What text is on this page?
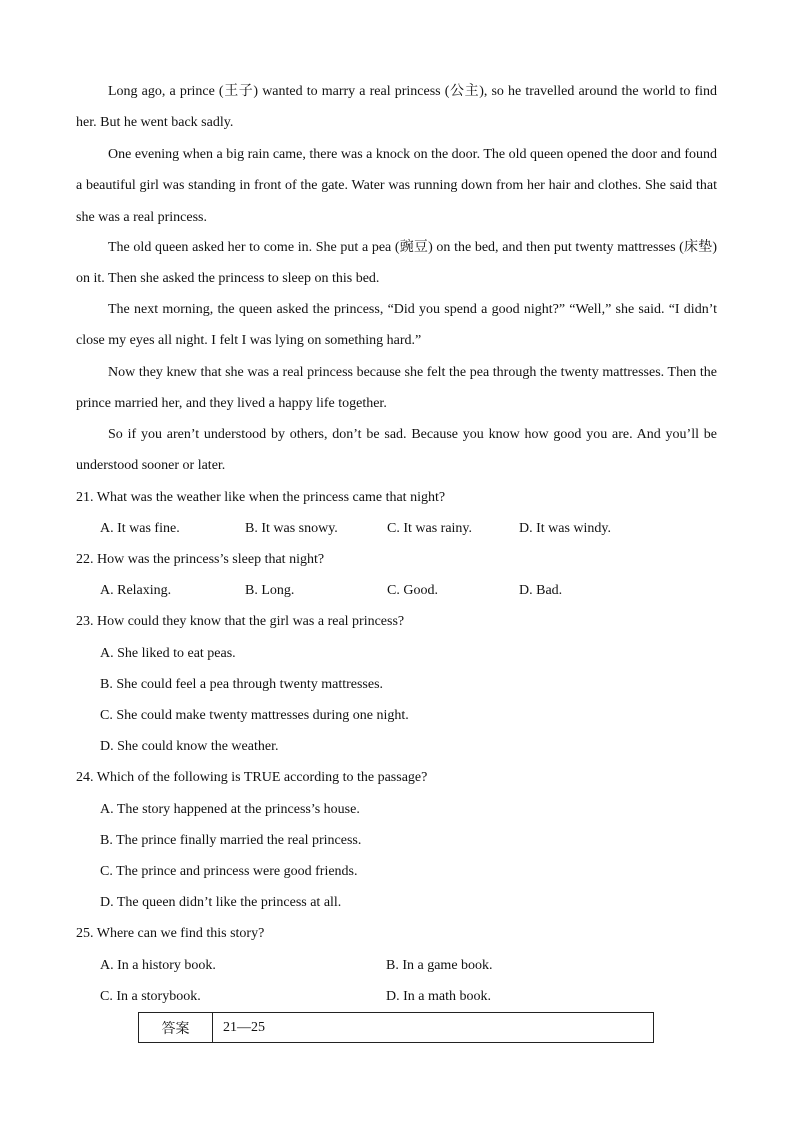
Long ago, a prince (王子) wanted to marry a real princess (公主), so he travelled around the world to find her. But he went back sadly.

One evening when a big rain came, there was a knock on the door. The old queen opened the door and found a beautiful girl was standing in front of the gate. Water was running down from her hair and clothes. She said that she was a real princess.

The old queen asked her to come in. She put a pea (豌豆) on the bed, and then put twenty mattresses (床垫) on it. Then she asked the princess to sleep on this bed.

The next morning, the queen asked the princess, “Did you spend a good night?” “Well,” she said. “I didn’t close my eyes all night. I felt I was lying on something hard.”

Now they knew that she was a real princess because she felt the pea through the twenty mattresses. Then the prince married her, and they lived a happy life together.

So if you aren’t understood by others, don’t be sad. Because you know how good you are. And you’ll be understood sooner or later.

21. What was the weather like when the princess came that night?

A. It was fine.	B. It was snowy.	C. It was rainy.	D. It was windy.

22. How was the princess’s sleep that night?

A. Relaxing.	B. Long.	C. Good.	D. Bad.

23. How could they know that the girl was a real princess?

A. She liked to eat peas.

B. She could feel a pea through twenty mattresses.

C. She could make twenty mattresses during one night.

D. She could know the weather.

24. Which of the following is TRUE according to the passage?

A. The story happened at the princess’s house.

B. The prince finally married the real princess.

C. The prince and princess were good friends.

D. The queen didn’t like the princess at all.

25. Where can we find this story?

A. In a history book.	B. In a game book.

C. In a storybook.	D. In a math book.

答案	21—25
